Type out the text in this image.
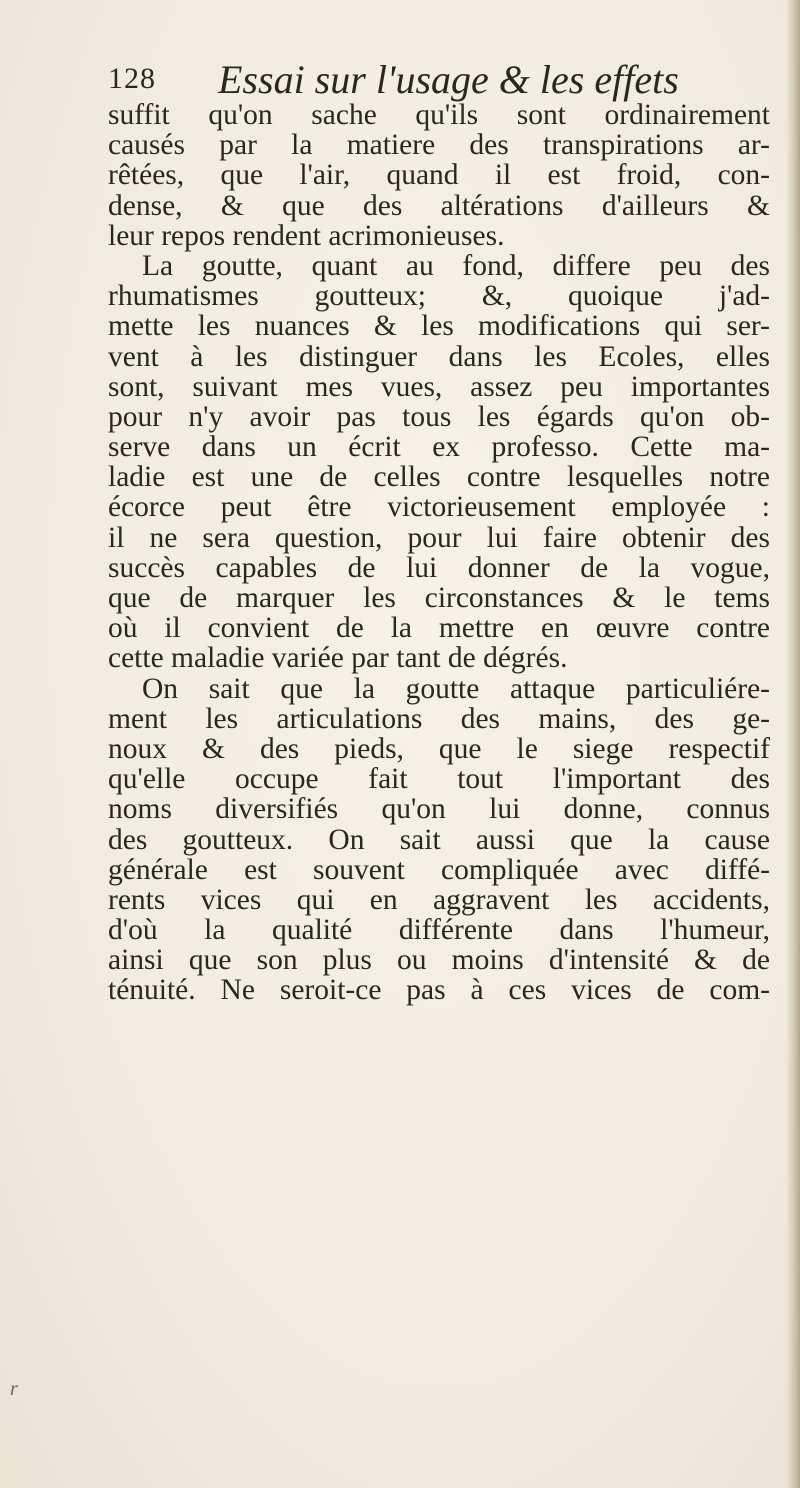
128 Essai sur l'usage & les effets
suffit qu'on sache qu'ils sont ordinairement
causés par la matiere des transpirations ar-
rêtées, que l'air, quand il est froid, con-
dense, & que des altérations d'ailleurs &
leur repos rendent acrimonieuses.
La goutte, quant au fond, differe peu des
rhumatismes goutteux; &, quoique j'ad-
mette les nuances & les modifications qui ser-
vent à les distinguer dans les Ecoles, elles
sont, suivant mes vues, assez peu importantes
pour n'y avoir pas tous les égards qu'on ob-
serve dans un écrit ex professo. Cette ma-
ladie est une de celles contre lesquelles notre
écorce peut être victorieusement employée :
il ne sera question, pour lui faire obtenir des
succès capables de lui donner de la vogue,
que de marquer les circonstances & le tems
où il convient de la mettre en œuvre contre
cette maladie variée par tant de dégrés.
On sait que la goutte attaque particuliére-
ment les articulations des mains, des ge-
noux & des pieds, que le siege respectif
qu'elle occupe fait tout l'important des
noms diversifiés qu'on lui donne, connus
des goutteux. On sait aussi que la cause
générale est souvent compliquée avec diffé-
rents vices qui en aggravent les accidents,
d'où la qualité différente dans l'humeur,
ainsi que son plus ou moins d'intensité & de
ténuité. Ne seroit-ce pas à ces vices de com-
r
